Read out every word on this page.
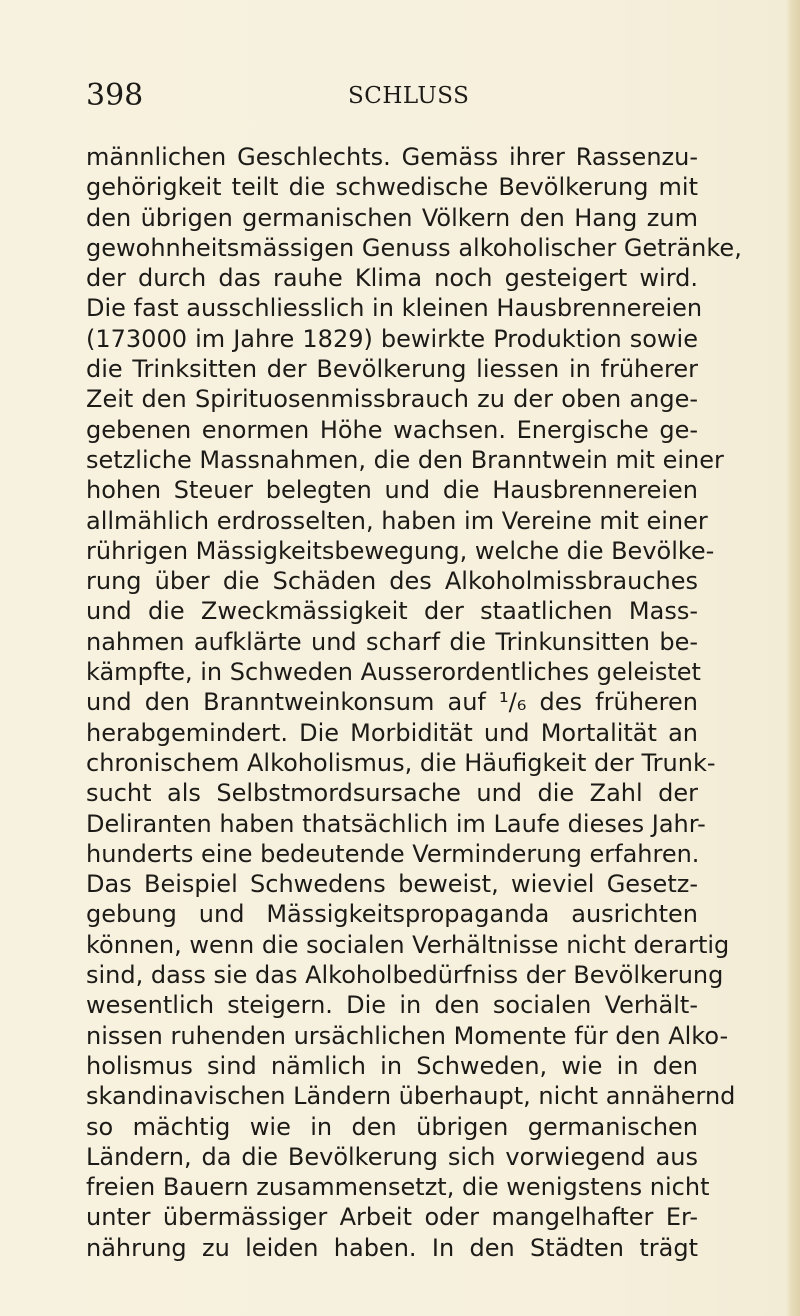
398	SCHLUSS
männlichen Geschlechts. Gemäss ihrer Rassenzu-
gehörigkeit teilt die schwedische Bevölkerung mit
den übrigen germanischen Völkern den Hang zum
gewohnheitsmässigen Genuss alkoholischer Getränke,
der durch das rauhe Klima noch gesteigert wird.
Die fast ausschliesslich in kleinen Hausbrennereien
(173000 im Jahre 1829) bewirkte Produktion sowie
die Trinksitten der Bevölkerung liessen in früherer
Zeit den Spirituosenmissbrauch zu der oben ange-
gebenen enormen Höhe wachsen. Energische ge-
setzliche Massnahmen, die den Branntwein mit einer
hohen Steuer belegten und die Hausbrennereien
allmählich erdrosselten, haben im Vereine mit einer
rührigen Mässigkeitsbewegung, welche die Bevölke-
rung über die Schäden des Alkoholmissbrauches
und die Zweckmässigkeit der staatlichen Mass-
nahmen aufklärte und scharf die Trinkunsitten be-
kämpfte, in Schweden Ausserordentliches geleistet
und den Branntweinkonsum auf ¹/₆ des früheren
herabgemindert. Die Morbidität und Mortalität an
chronischem Alkoholismus, die Häufigkeit der Trunk-
sucht als Selbstmordsursache und die Zahl der
Deliranten haben thatsächlich im Laufe dieses Jahr-
hunderts eine bedeutende Verminderung erfahren.
Das Beispiel Schwedens beweist, wieviel Gesetz-
gebung und Mässigkeitspropaganda ausrichten
können, wenn die socialen Verhältnisse nicht derartig
sind, dass sie das Alkoholbedürfniss der Bevölkerung
wesentlich steigern. Die in den socialen Verhält-
nissen ruhenden ursächlichen Momente für den Alko-
holismus sind nämlich in Schweden, wie in den
skandinavischen Ländern überhaupt, nicht annähernd
so mächtig wie in den übrigen germanischen
Ländern, da die Bevölkerung sich vorwiegend aus
freien Bauern zusammensetzt, die wenigstens nicht
unter übermässiger Arbeit oder mangelhafter Er-
nährung zu leiden haben. In den Städten trägt
